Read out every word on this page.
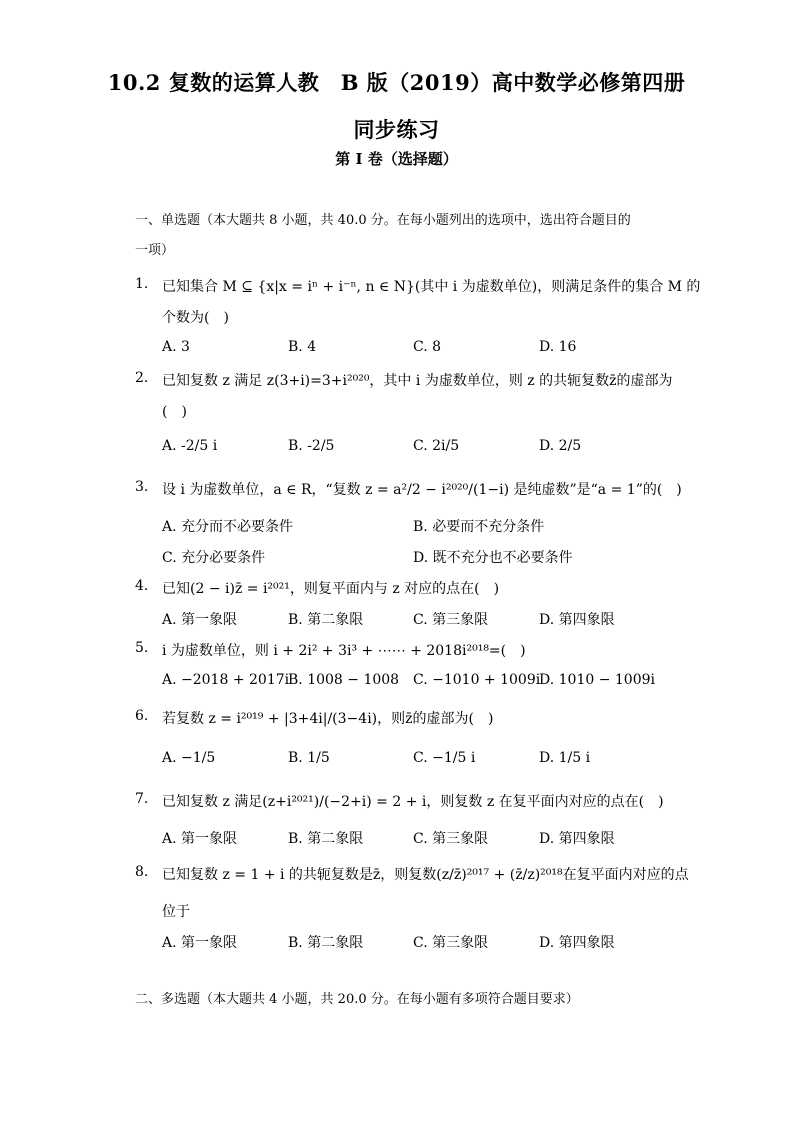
10.2 复数的运算人教　B 版（2019）高中数学必修第四册
同步练习
第 I 卷（选择题）
一、单选题（本大题共 8 小题，共 40.0 分。在每小题列出的选项中，选出符合题目的
一项）
1. 已知集合 M ⊆ {x|x = iⁿ + i⁻ⁿ, n ∈ N}(其中 i 为虚数单位)，则满足条件的集合 M 的
个数为(　)
A. 3	B. 4	C. 8	D. 16
2. 已知复数 z 满足 z(3+i)=3+i²⁰²⁰，其中 i 为虚数单位，则 z 的共轭复数z̄的虚部为
(　)
A. -2/5 i	B. -2/5	C. 2i/5	D. 2/5
3. 设 i 为虚数单位，a ∈ R，“复数 z = a²/2 − i²⁰²⁰/(1−i) 是纯虚数”是“a = 1”的(　)
A. 充分而不必要条件	B. 必要而不充分条件
C. 充分必要条件	D. 既不充分也不必要条件
4. 已知(2 − i)z̄ = i²⁰²¹，则复平面内与 z 对应的点在(　)
A. 第一象限	B. 第二象限	C. 第三象限	D. 第四象限
5. i 为虚数单位，则 i + 2i² + 3i³ + ⋯⋯ + 2018i²⁰¹⁸=(　)
A. −2018 + 2017i
B. 1008 − 1008 C. −1010 + 1009i
D. 1010 − 1009i
6. 若复数 z = i²⁰¹⁹ + |3+4i|/(3−4i)，则z̄的虚部为(　)
A. −1/5	B. 1/5	C. −1/5 i	D. 1/5 i
7. 已知复数 z 满足(z+i²⁰²¹)/(−2+i) = 2 + i，则复数 z 在复平面内对应的点在(　)
A. 第一象限	B. 第二象限	C. 第三象限	D. 第四象限
8. 已知复数 z = 1 + i 的共轭复数是z̄，则复数(z/z̄)²⁰¹⁷ + (z̄/z)²⁰¹⁸在复平面内对应的点
位于
A. 第一象限	B. 第二象限	C. 第三象限	D. 第四象限
二、多选题（本大题共 4 小题，共 20.0 分。在每小题有多项符合题目要求）
